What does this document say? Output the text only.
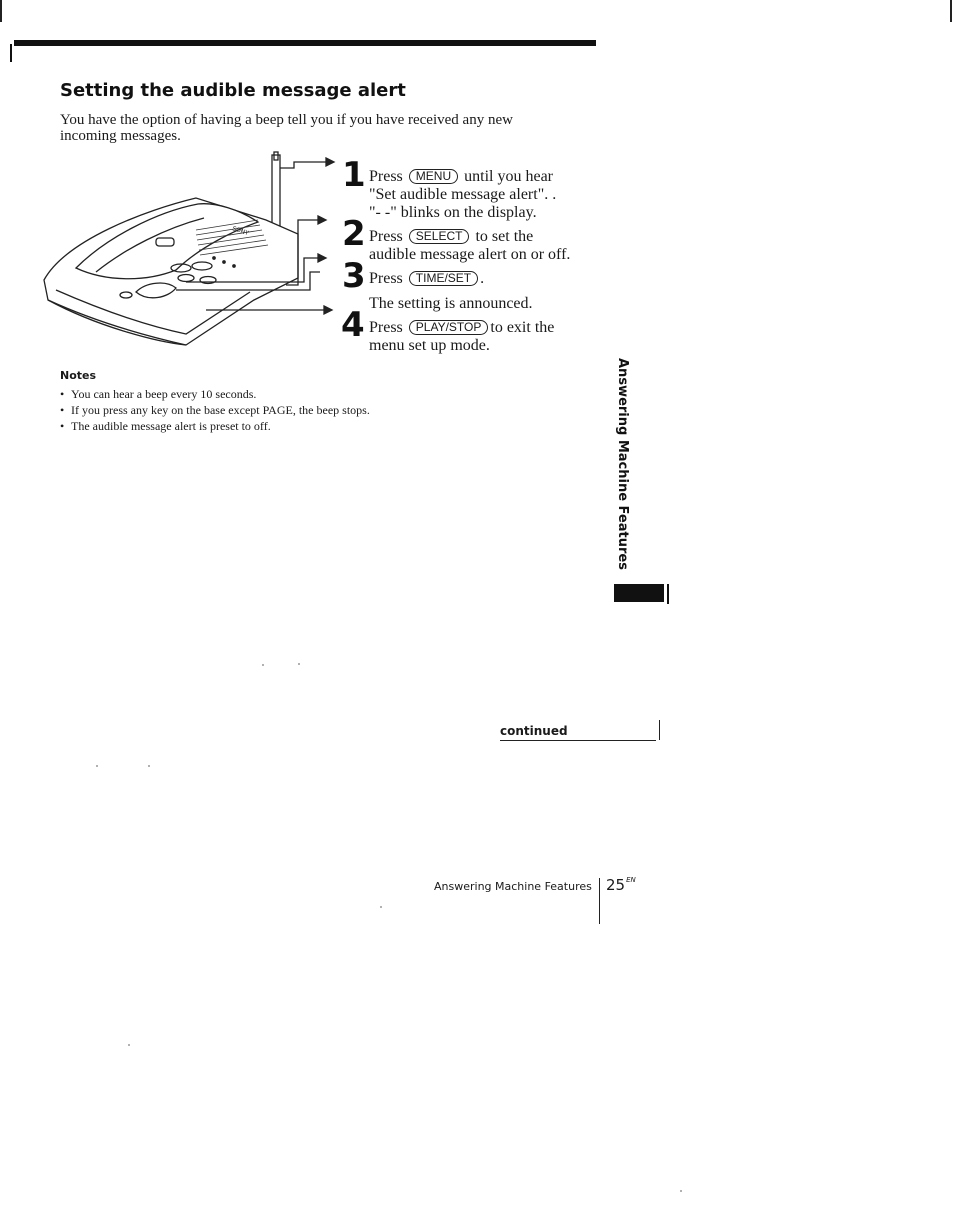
Setting the audible message alert
You have the option of having a beep tell you if you have received any new incoming messages.
SONY
1 Press MENU until you hear
"Set audible message alert". .
"- -" blinks on the display.
2 Press SELECT to set the
audible message alert on or off.
3 Press TIME/SET .
The setting is announced.
4 Press PLAY/STOP to exit the
menu set up mode.
Notes
• You can hear a beep every 10 seconds.
• If you press any key on the base except PAGE, the beep stops.
• The audible message alert is preset to off.	Answering Machine Features
continued
Answering Machine Features $25^{EN}$
